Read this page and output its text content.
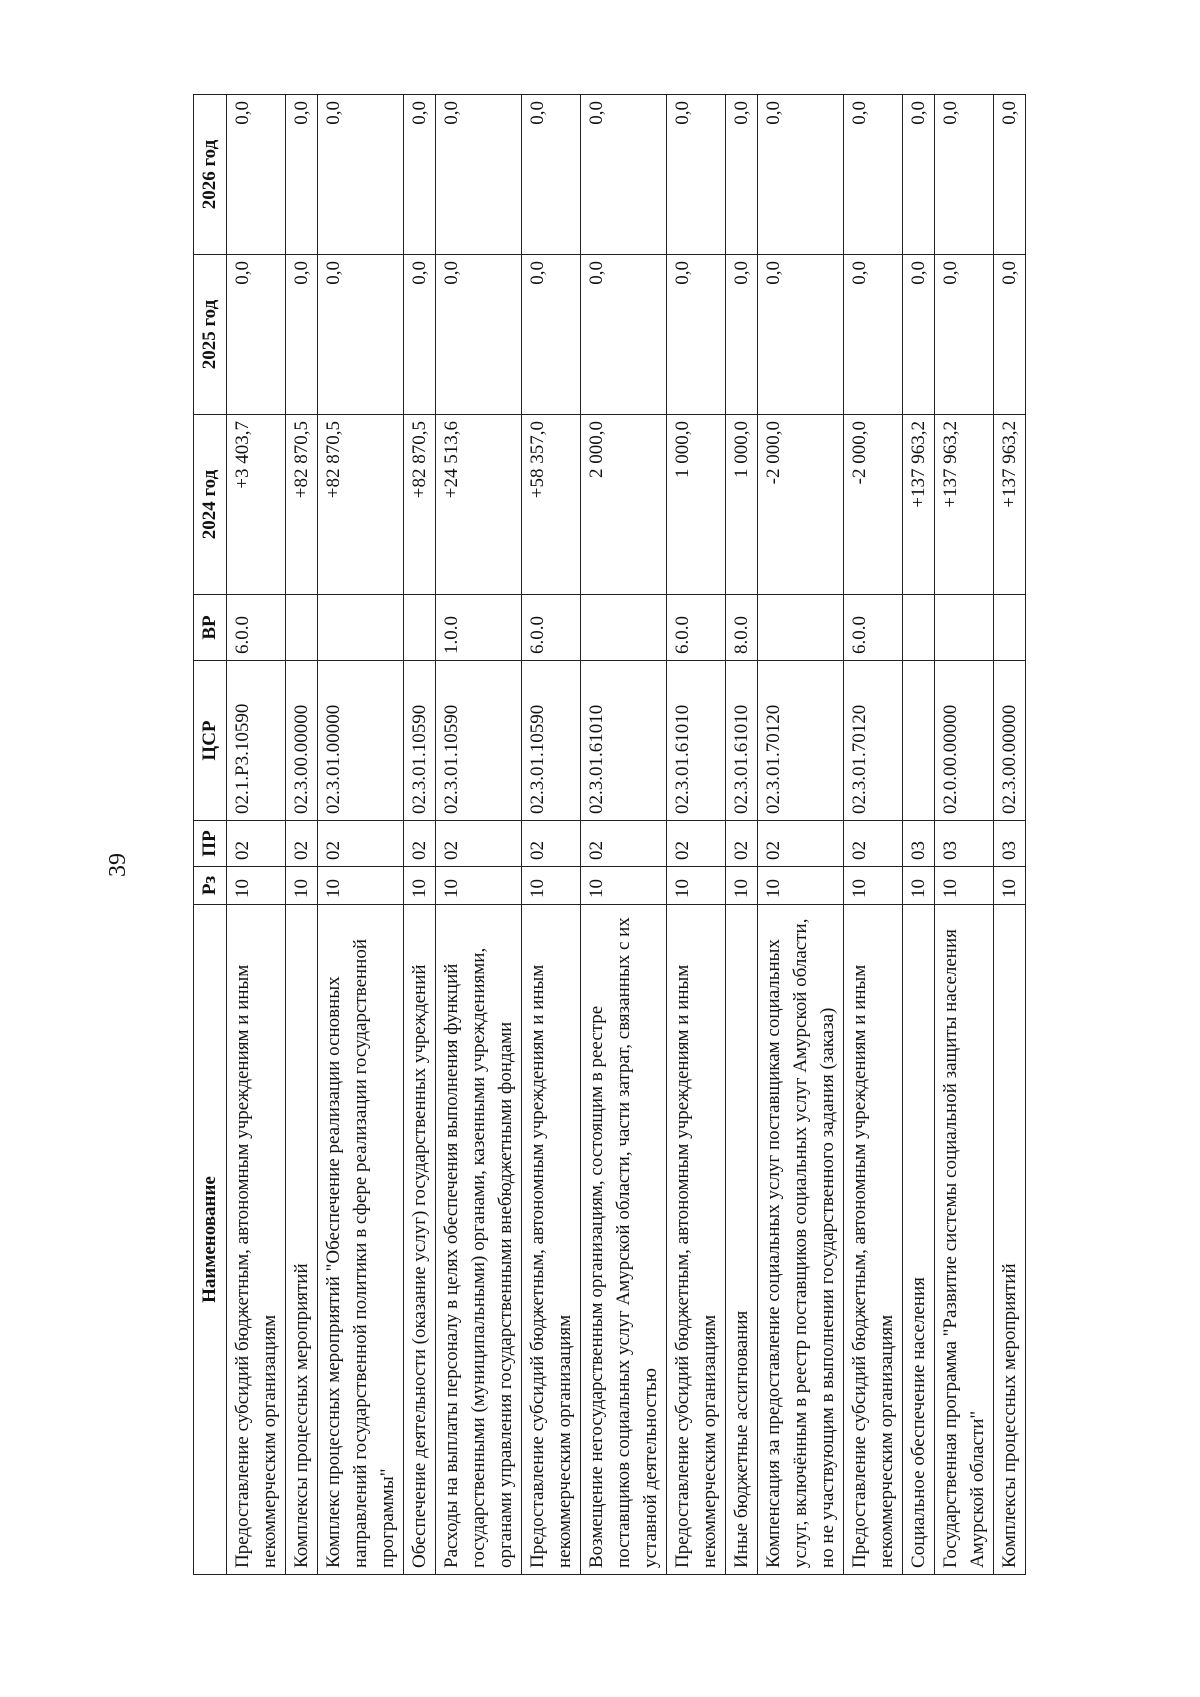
39
Наименование	Рз	ПР	ЦСР	ВР	2024 год	2025 год	2026 год
Предоставление субсидий бюджетным, автономным учреждениям и иным некоммерческим организациям	10	02	02.1.Р3.10590	6.0.0	+3 403,7	0,0	0,0
Комплексы процессных мероприятий	10	02	02.3.00.00000		+82 870,5	0,0	0,0
Комплекс процессных мероприятий "Обеспечение реализации основных направлений государственной политики в сфере реализации государственной программы"	10	02	02.3.01.00000		+82 870,5	0,0	0,0
Обеспечение деятельности (оказание услуг) государственных учреждений	10	02	02.3.01.10590		+82 870,5	0,0	0,0
Расходы на выплаты персоналу в целях обеспечения выполнения функций государственными (муниципальными) органами, казенными учреждениями, органами управления государственными внебюджетными фондами	10	02	02.3.01.10590	1.0.0	+24 513,6	0,0	0,0
Предоставление субсидий бюджетным, автономным учреждениям и иным некоммерческим организациям	10	02	02.3.01.10590	6.0.0	+58 357,0	0,0	0,0
Возмещение негосударственным организациям, состоящим в реестре поставщиков социальных услуг Амурской области, части затрат, связанных с их уставной деятельностью	10	02	02.3.01.61010		2 000,0	0,0	0,0
Предоставление субсидий бюджетным, автономным учреждениям и иным некоммерческим организациям	10	02	02.3.01.61010	6.0.0	1 000,0	0,0	0,0
Иные бюджетные ассигнования	10	02	02.3.01.61010	8.0.0	1 000,0	0,0	0,0
Компенсация за предоставление социальных услуг поставщикам социальных услуг, включённым в реестр поставщиков социальных услуг Амурской области, но не участвующим в выполнении государственного задания (заказа)	10	02	02.3.01.70120		-2 000,0	0,0	0,0
Предоставление субсидий бюджетным, автономным учреждениям и иным некоммерческим организациям	10	02	02.3.01.70120	6.0.0	-2 000,0	0,0	0,0
Социальное обеспечение населения	10	03			+137 963,2	0,0	0,0
Государственная программа "Развитие системы социальной защиты населения Амурской области"	10	03	02.0.00.00000		+137 963,2	0,0	0,0
Комплексы процессных мероприятий	10	03	02.3.00.00000		+137 963,2	0,0	0,0
